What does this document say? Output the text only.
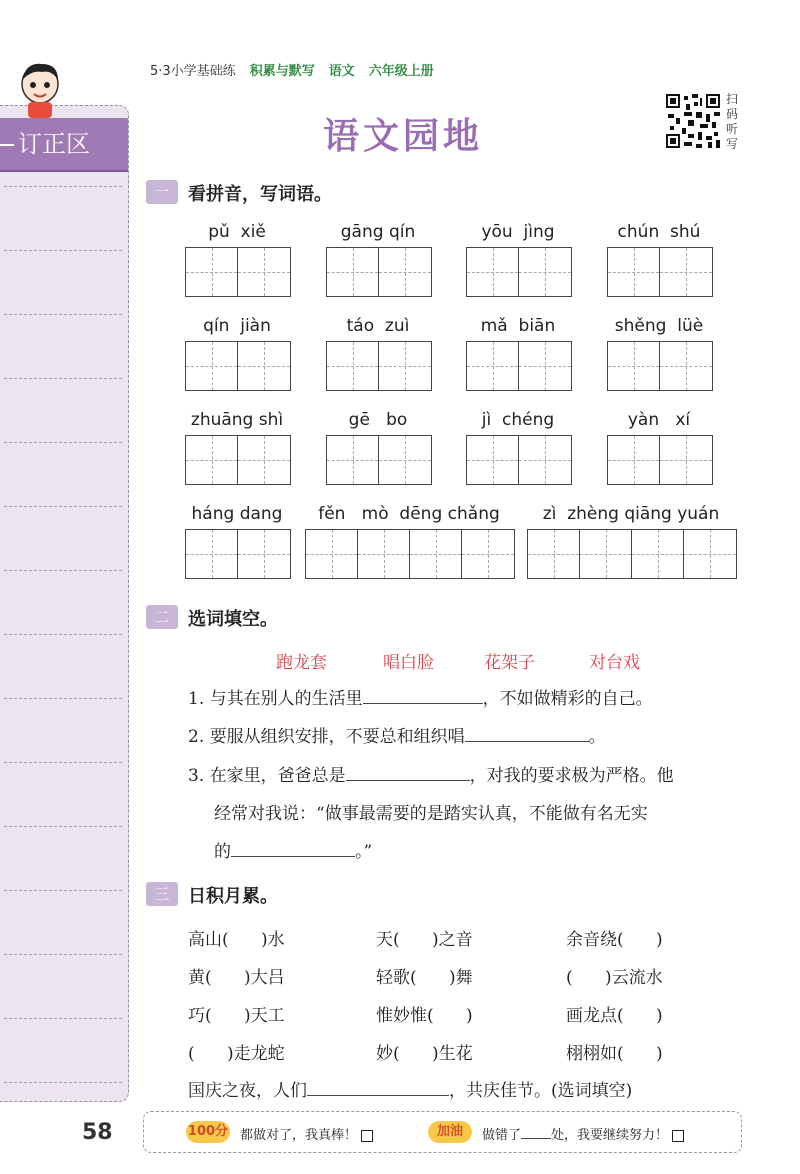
订正区
5·3小学基础练 积累与默写 语文 六年级上册
语文园地
扫码听写
一	看拼音，写词语。
二	选词填空。
跑龙套	唱白脸	花架子	对台戏
1. 与其在别人的生活里	，不如做精彩的自己。
2. 要服从组织安排，不要总和组织唱	。
3. 在家里，爸爸总是	，对我的要求极为严格。他
经常对我说：“做事最需要的是踏实认真，不能做有名无实
的	。”
三	日积月累。
国庆之夜，人们	，共庆佳节。(选词填空)
58	100分 都做对了，我真棒！	加油	做错了 处，我要继续努力！
pǔ  xiě	gāng qín	yōu  jìng	chún  shú
qín  jiàn	táo  zuì	mǎ  biān	shěng  lüè
zhuāng shì	gē   bo	jì  chéng	yàn   xí
háng dang	fěn   mò  dēng chǎng	zì  zhèng qiāng yuán
高山(      )水	天(      )之音	余音绕(      )
黄(      )大吕	轻歌(      )舞	(      )云流水
巧(      )天工	惟妙惟(      )	画龙点(      )
(      )走龙蛇	妙(      )生花	栩栩如(      )
